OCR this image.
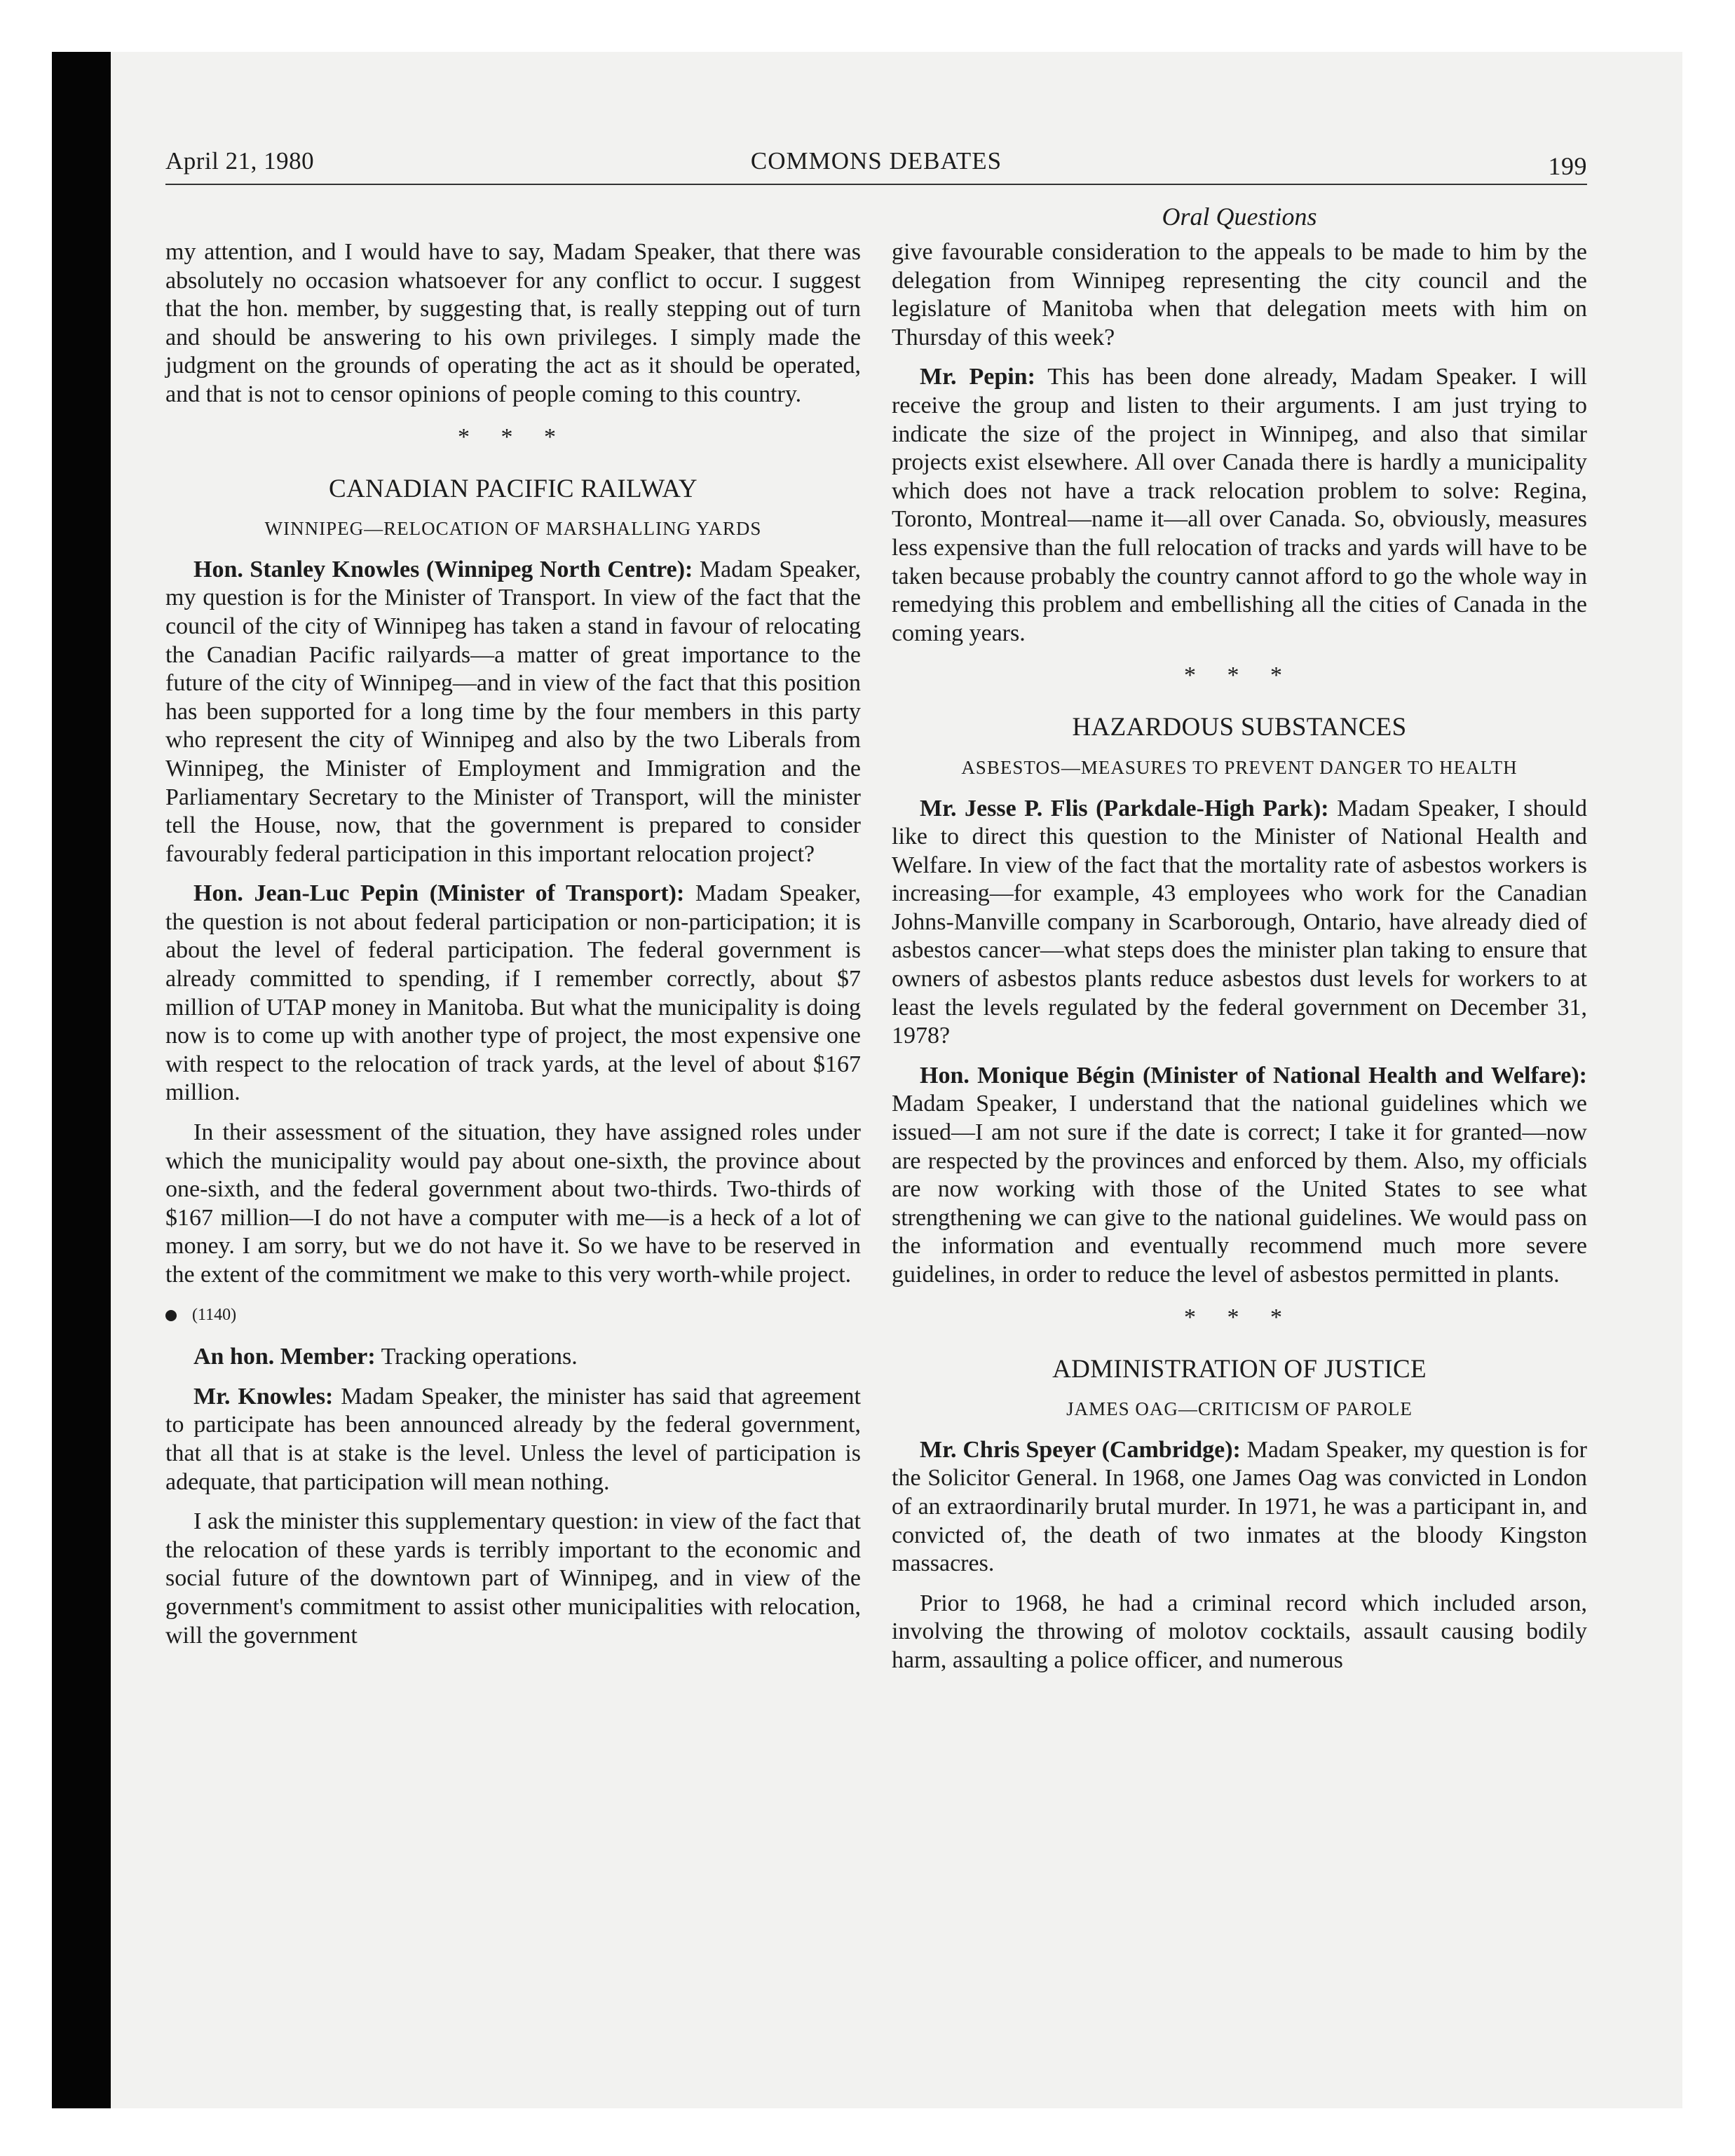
April 21, 1980	COMMONS DEBATES	199
Oral Questions

my attention, and I would have to say, Madam Speaker, that there was absolutely no occasion whatsoever for any conflict to occur. I suggest that the hon. member, by suggesting that, is really stepping out of turn and should be answering to his own privileges. I simply made the judgment on the grounds of operating the act as it should be operated, and that is not to censor opinions of people coming to this country.

* * *
CANADIAN PACIFIC RAILWAY
WINNIPEG—RELOCATION OF MARSHALLING YARDS

Hon. Stanley Knowles (Winnipeg North Centre): Madam Speaker, my question is for the Minister of Transport. In view of the fact that the council of the city of Winnipeg has taken a stand in favour of relocating the Canadian Pacific railyards—a matter of great importance to the future of the city of Winnipeg—and in view of the fact that this position has been supported for a long time by the four members in this party who represent the city of Winnipeg and also by the two Liberals from Winnipeg, the Minister of Employment and Immigration and the Parliamentary Secretary to the Minister of Transport, will the minister tell the House, now, that the government is prepared to consider favourably federal participation in this important relocation project?

Hon. Jean-Luc Pepin (Minister of Transport): Madam Speaker, the question is not about federal participation or non-participation; it is about the level of federal participation. The federal government is already committed to spending, if I remember correctly, about $7 million of UTAP money in Manitoba. But what the municipality is doing now is to come up with another type of project, the most expensive one with respect to the relocation of track yards, at the level of about $167 million.

In their assessment of the situation, they have assigned roles under which the municipality would pay about one-sixth, the province about one-sixth, and the federal government about two-thirds. Two-thirds of $167 million—I do not have a computer with me—is a heck of a lot of money. I am sorry, but we do not have it. So we have to be reserved in the extent of the commitment we make to this very worth-while project.

(1140)

An hon. Member: Tracking operations.

Mr. Knowles: Madam Speaker, the minister has said that agreement to participate has been announced already by the federal government, that all that is at stake is the level. Unless the level of participation is adequate, that participation will mean nothing.

I ask the minister this supplementary question: in view of the fact that the relocation of these yards is terribly important to the economic and social future of the downtown part of Winnipeg, and in view of the government's commitment to assist other municipalities with relocation, will the government

give favourable consideration to the appeals to be made to him by the delegation from Winnipeg representing the city council and the legislature of Manitoba when that delegation meets with him on Thursday of this week?

Mr. Pepin: This has been done already, Madam Speaker. I will receive the group and listen to their arguments. I am just trying to indicate the size of the project in Winnipeg, and also that similar projects exist elsewhere. All over Canada there is hardly a municipality which does not have a track relocation problem to solve: Regina, Toronto, Montreal—name it—all over Canada. So, obviously, measures less expensive than the full relocation of tracks and yards will have to be taken because probably the country cannot afford to go the whole way in remedying this problem and embellishing all the cities of Canada in the coming years.

* * *
HAZARDOUS SUBSTANCES
ASBESTOS—MEASURES TO PREVENT DANGER TO HEALTH

Mr. Jesse P. Flis (Parkdale-High Park): Madam Speaker, I should like to direct this question to the Minister of National Health and Welfare. In view of the fact that the mortality rate of asbestos workers is increasing—for example, 43 employees who work for the Canadian Johns-Manville company in Scarborough, Ontario, have already died of asbestos cancer—what steps does the minister plan taking to ensure that owners of asbestos plants reduce asbestos dust levels for workers to at least the levels regulated by the federal government on December 31, 1978?

Hon. Monique Bégin (Minister of National Health and Welfare): Madam Speaker, I understand that the national guidelines which we issued—I am not sure if the date is correct; I take it for granted—now are respected by the provinces and enforced by them. Also, my officials are now working with those of the United States to see what strengthening we can give to the national guidelines. We would pass on the information and eventually recommend much more severe guidelines, in order to reduce the level of asbestos permitted in plants.

* * *
ADMINISTRATION OF JUSTICE
JAMES OAG—CRITICISM OF PAROLE

Mr. Chris Speyer (Cambridge): Madam Speaker, my question is for the Solicitor General. In 1968, one James Oag was convicted in London of an extraordinarily brutal murder. In 1971, he was a participant in, and convicted of, the death of two inmates at the bloody Kingston massacres.

Prior to 1968, he had a criminal record which included arson, involving the throwing of molotov cocktails, assault causing bodily harm, assaulting a police officer, and numerous
